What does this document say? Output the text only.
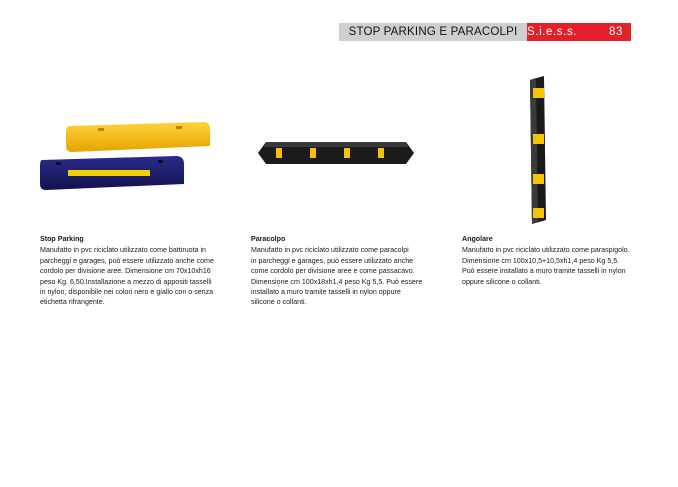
STOP PARKING E PARACOLPI S.i.e.s.s. S.r.l.
83
Stop Parking
Manufatto in pvc riciclato utilizzato come battiruota in
parcheggi e garages, può essere utilizzato anche come
cordolo per divisione aree. Dimensione cm 70x10xh16
peso Kg. 6,50.Installazione a mezzo di appositi tasselli
in nylon, disponibile nei colori nero e giallo con o senza
etichetta rifrangente.
Paracolpo
Manufatto in pvc riciclato utilizzato come paracolpi
in parcheggi e garages, può essere utilizzato anche
come cordolo per divisione aree e come passacavo.
Dimensione cm 100x18xh1,4 peso Kg 5,5. Può essere
installato a muro tramite tasselli in nylon oppure
silicone o collanti.
Angolare
Manufatto in pvc riciclato utilizzato come paraspigolo.
Dimensione cm 100x10,5+10,5xh1,4 peso Kg 5,5.
Può essere installato a muro tramite tasselli in nylon
oppure silicone o collanti.
